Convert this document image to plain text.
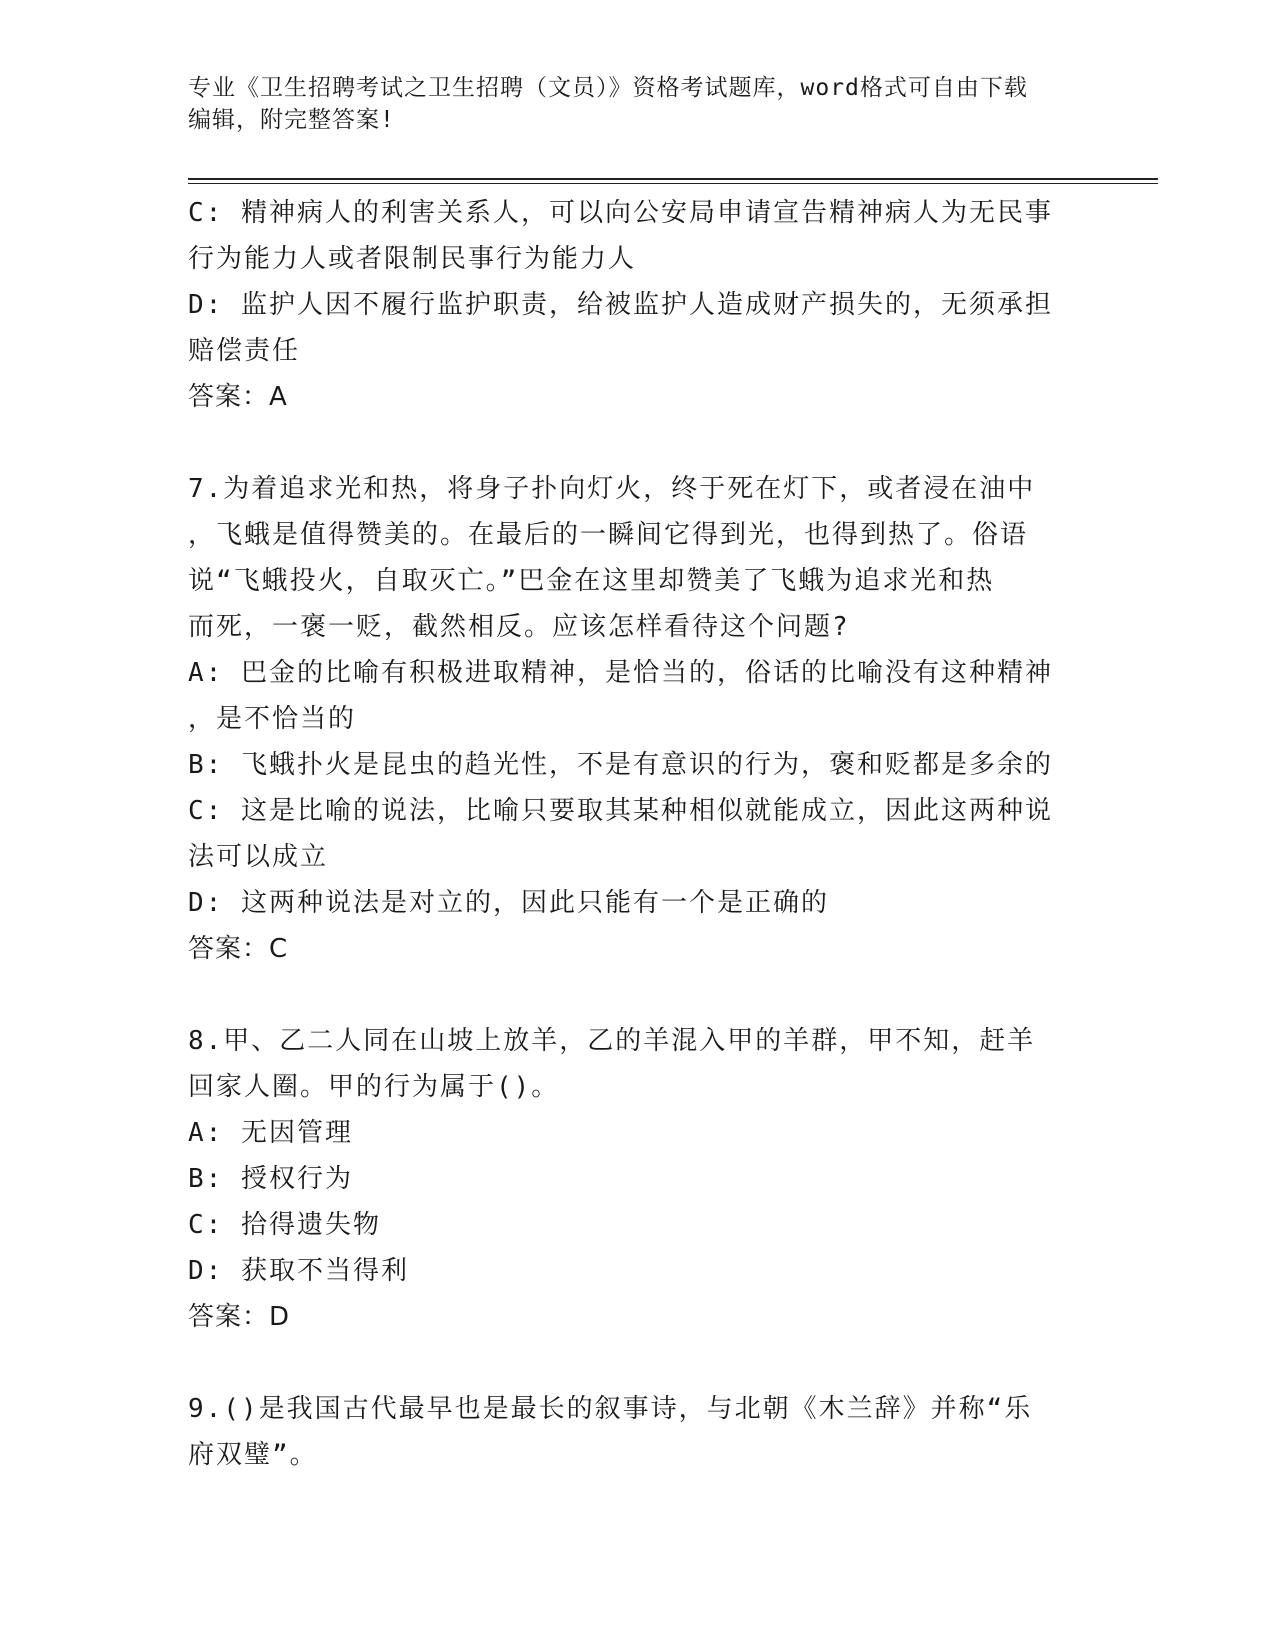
专业《卫生招聘考试之卫生招聘（文员）》资格考试题库，word格式可自由下载
编辑，附完整答案!
C: 精神病人的利害关系人，可以向公安局申请宣告精神病人为无民事
行为能力人或者限制民事行为能力人
D: 监护人因不履行监护职责，给被监护人造成财产损失的，无须承担
赔偿责任
答案：A
7.为着追求光和热，将身子扑向灯火，终于死在灯下，或者浸在油中
，飞蛾是值得赞美的。在最后的一瞬间它得到光，也得到热了。俗语
说“飞蛾投火，自取灭亡。”巴金在这里却赞美了飞蛾为追求光和热
而死，一褒一贬，截然相反。应该怎样看待这个问题?
A: 巴金的比喻有积极进取精神，是恰当的，俗话的比喻没有这种精神
，是不恰当的
B: 飞蛾扑火是昆虫的趋光性，不是有意识的行为，褒和贬都是多余的
C: 这是比喻的说法，比喻只要取其某种相似就能成立，因此这两种说
法可以成立
D: 这两种说法是对立的，因此只能有一个是正确的
答案：C
8.甲、乙二人同在山坡上放羊，乙的羊混入甲的羊群，甲不知，赶羊
回家人圈。甲的行为属于()。
A: 无因管理
B: 授权行为
C: 拾得遗失物
D: 获取不当得利
答案：D
9.()是我国古代最早也是最长的叙事诗，与北朝《木兰辞》并称“乐
府双璧”。
